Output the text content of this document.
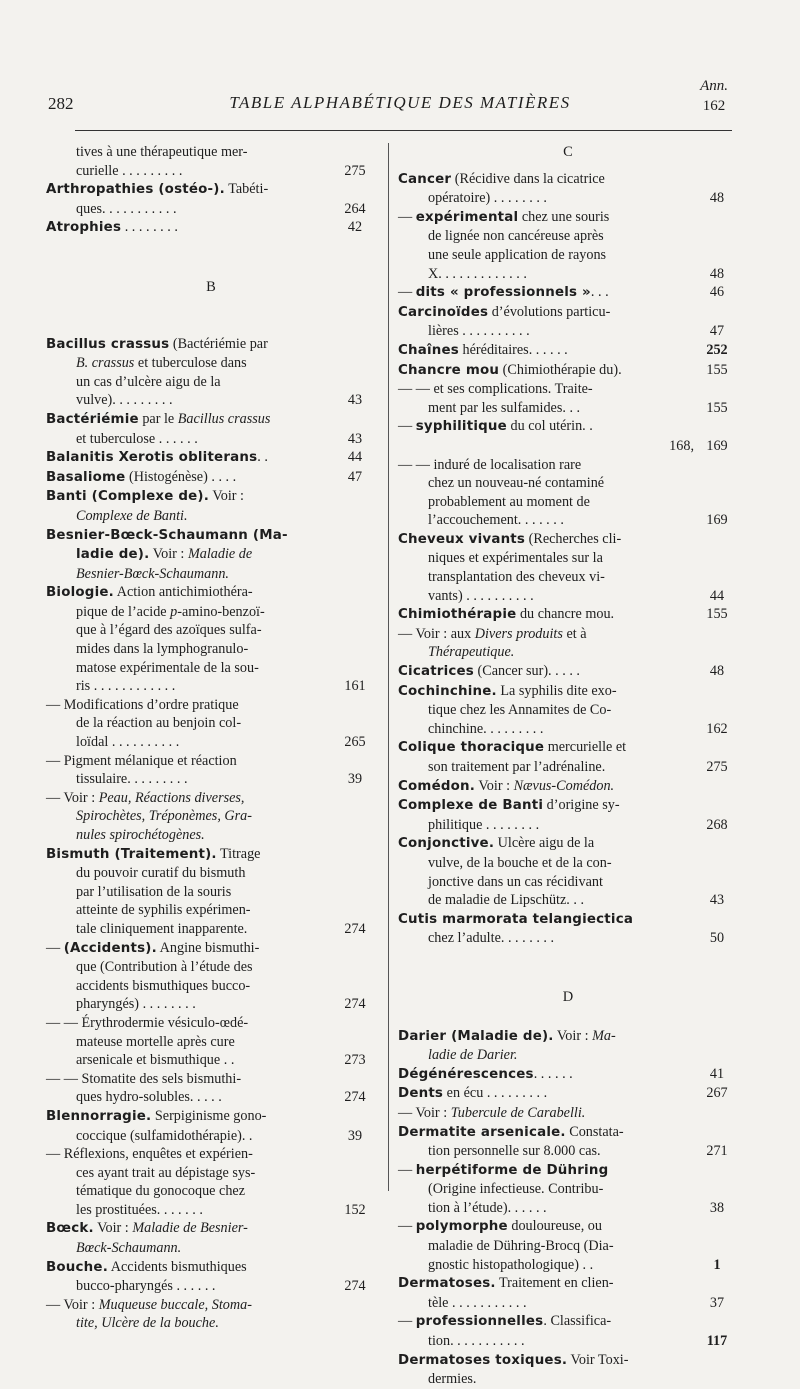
282	TABLE ALPHABÉTIQUE DES MATIÈRES
Ann.
162
tives à une thérapeutique mer-
curielle . . . . . . . . .	275
Arthropathies (ostéo-). Tabéti-
ques. . . . . . . . . . .	264
Atrophies . . . . . . . .	42
B
Bacillus crassus (Bactériémie par
B. crassus et tuberculose dans
un cas d’ulcère aigu de la
vulve). . . . . . . . .	43
Bactériémie par le Bacillus crassus
et tuberculose . . . . . .	43
Balanitis Xerotis obliterans. .	44
Basaliome (Histogénèse) . . . .	47
Banti (Complexe de). Voir :
Complexe de Banti.
Besnier-Bœck-Schaumann (Ma-
ladie de). Voir : Maladie de
Besnier-Bœck-Schaumann.
Biologie. Action antichimiothéra-
pique de l’acide p-amino-benzoï-
que à l’égard des azoïques sulfa-
mides dans la lymphogranulo-
matose expérimentale de la sou-
ris . . . . . . . . . . . .	161
— Modifications d’ordre pratique
de la réaction au benjoin col-
loïdal . . . . . . . . . .	265
— Pigment mélanique et réaction
tissulaire. . . . . . . . .	39
— Voir : Peau, Réactions diverses,
Spirochètes, Tréponèmes, Gra-
nules spirochétogènes.
Bismuth (Traitement). Titrage
du pouvoir curatif du bismuth
par l’utilisation de la souris
atteinte de syphilis expérimen-
tale cliniquement inapparente.	274
— (Accidents). Angine bismuthi-
que (Contribution à l’étude des
accidents bismuthiques bucco-
pharyngés) . . . . . . . .	274
— — Érythrodermie vésiculo-œdé-
mateuse mortelle après cure
arsenicale et bismuthique . .	273
— — Stomatite des sels bismuthi-
ques hydro-solubles. . . . .	274
Blennorragie. Serpiginisme gono-
coccique (sulfamidothérapie). .	39
— Réflexions, enquêtes et expérien-
ces ayant trait au dépistage sys-
tématique du gonocoque chez
les prostituées. . . . . . .	152
Bœck. Voir : Maladie de Besnier-
Bœck-Schaumann.
Bouche. Accidents bismuthiques
bucco-pharyngés . . . . . .	274
— Voir : Muqueuse buccale, Stoma-
tite, Ulcère de la bouche.
C
Cancer (Récidive dans la cicatrice
opératoire) . . . . . . . .	48
— expérimental chez une souris
de lignée non cancéreuse après
une seule application de rayons
X. . . . . . . . . . . . .	48
— dits « professionnels ». . .	46
Carcinoïdes d’évolutions particu-
lières . . . . . . . . . .	47
Chaînes héréditaires. . . . . .	252
Chancre mou (Chimiothérapie du).	155
— — et ses complications. Traite-
ment par les sulfamides. . .	155
— syphilitique du col utérin. .
168, 169
— — induré de localisation rare
chez un nouveau-né contaminé
probablement au moment de
l’accouchement. . . . . . .	169
Cheveux vivants (Recherches cli-
niques et expérimentales sur la
transplantation des cheveux vi-
vants) . . . . . . . . . .	44
Chimiothérapie du chancre mou.	155
— Voir : aux Divers produits et à
Thérapeutique.
Cicatrices (Cancer sur). . . . .	48
Cochinchine. La syphilis dite exo-
tique chez les Annamites de Co-
chinchine. . . . . . . . .	162
Colique thoracique mercurielle et
son traitement par l’adrénaline.	275
Comédon. Voir : Nævus-Comédon.
Complexe de Banti d’origine sy-
philitique . . . . . . . .	268
Conjonctive. Ulcère aigu de la
vulve, de la bouche et de la con-
jonctive dans un cas récidivant
de maladie de Lipschütz. . .	43
Cutis marmorata telangiectica
chez l’adulte. . . . . . . .	50
D
Darier (Maladie de). Voir : Ma-
ladie de Darier.
Dégénérescences. . . . . .	41
Dents en écu . . . . . . . . .	267
— Voir : Tubercule de Carabelli.
Dermatite arsenicale. Constata-
tion personnelle sur 8.000 cas.	271
— herpétiforme de Dühring
(Origine infectieuse. Contribu-
tion à l’étude). . . . . .	38
— polymorphe douloureuse, ou
maladie de Dühring-Brocq (Dia-
gnostic histopathologique) . .	1
Dermatoses. Traitement en clien-
tèle . . . . . . . . . . .	37
— professionnelles. Classifica-
tion. . . . . . . . . . .	117
Dermatoses toxiques. Voir Toxi-
dermies.
